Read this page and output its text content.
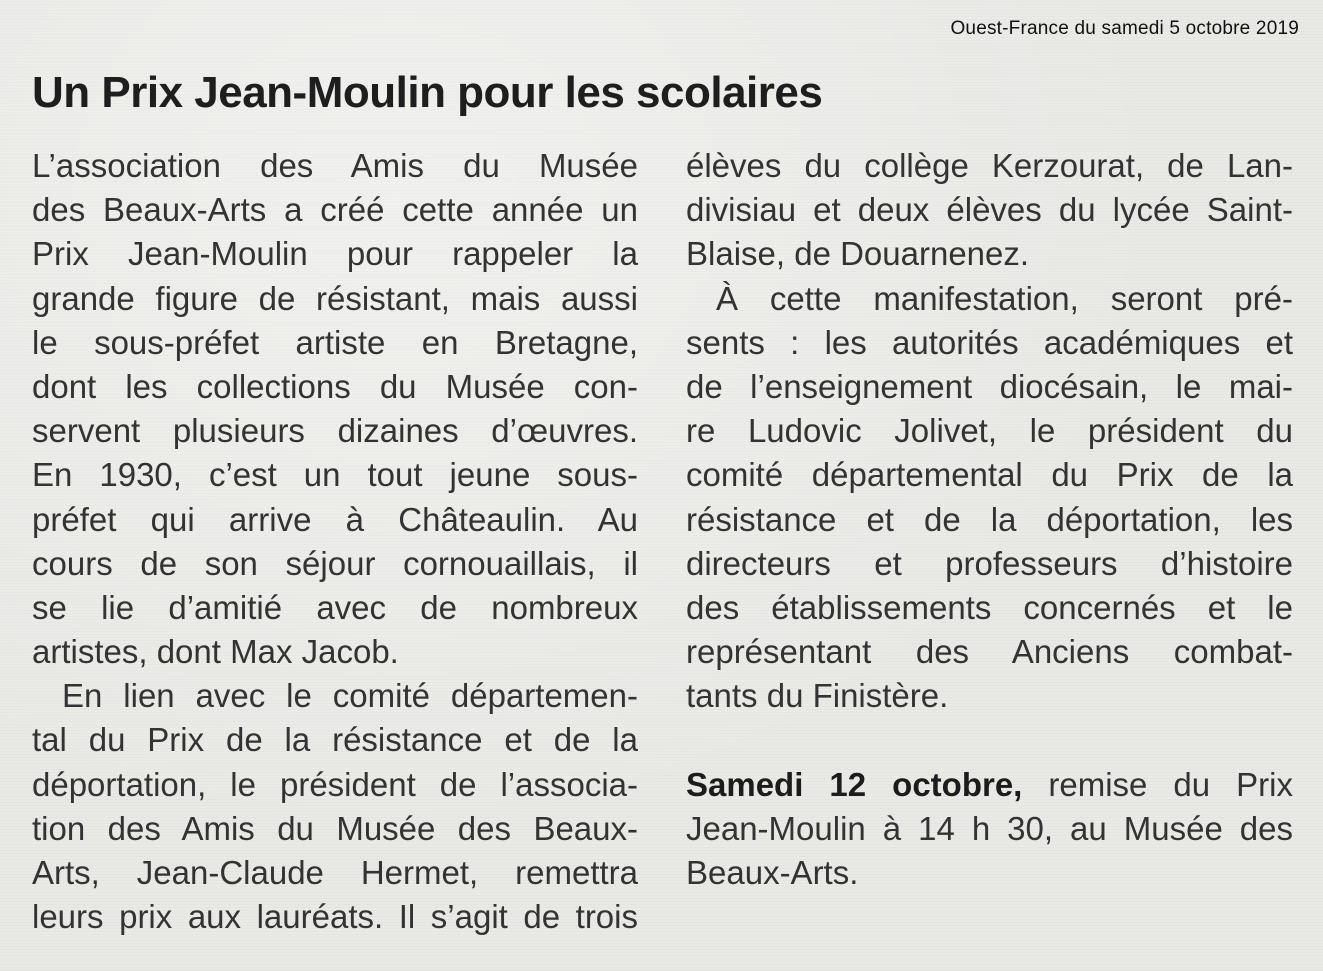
Ouest-France du samedi 5 octobre 2019
Un Prix Jean-Moulin pour les scolaires
L’association des Amis du Musée
des Beaux-Arts a créé cette année un
Prix Jean-Moulin pour rappeler la
grande figure de résistant, mais aussi
le sous-préfet artiste en Bretagne,
dont les collections du Musée con-
servent plusieurs dizaines d’œuvres.
En 1930, c’est un tout jeune sous-
préfet qui arrive à Châteaulin. Au
cours de son séjour cornouaillais, il
se lie d’amitié avec de nombreux
artistes, dont Max Jacob.
En lien avec le comité départemen-
tal du Prix de la résistance et de la
déportation, le président de l’associa-
tion des Amis du Musée des Beaux-
Arts, Jean-Claude Hermet, remettra
leurs prix aux lauréats. Il s’agit de trois
élèves du collège Kerzourat, de Lan-
divisiau et deux élèves du lycée Saint-
Blaise, de Douarnenez.
À cette manifestation, seront pré-
sents : les autorités académiques et
de l’enseignement diocésain, le mai-
re Ludovic Jolivet, le président du
comité départemental du Prix de la
résistance et de la déportation, les
directeurs et professeurs d’histoire
des établissements concernés et le
représentant des Anciens combat-
tants du Finistère.
Samedi 12 octobre, remise du Prix
Jean-Moulin à 14 h 30, au Musée des
Beaux-Arts.
